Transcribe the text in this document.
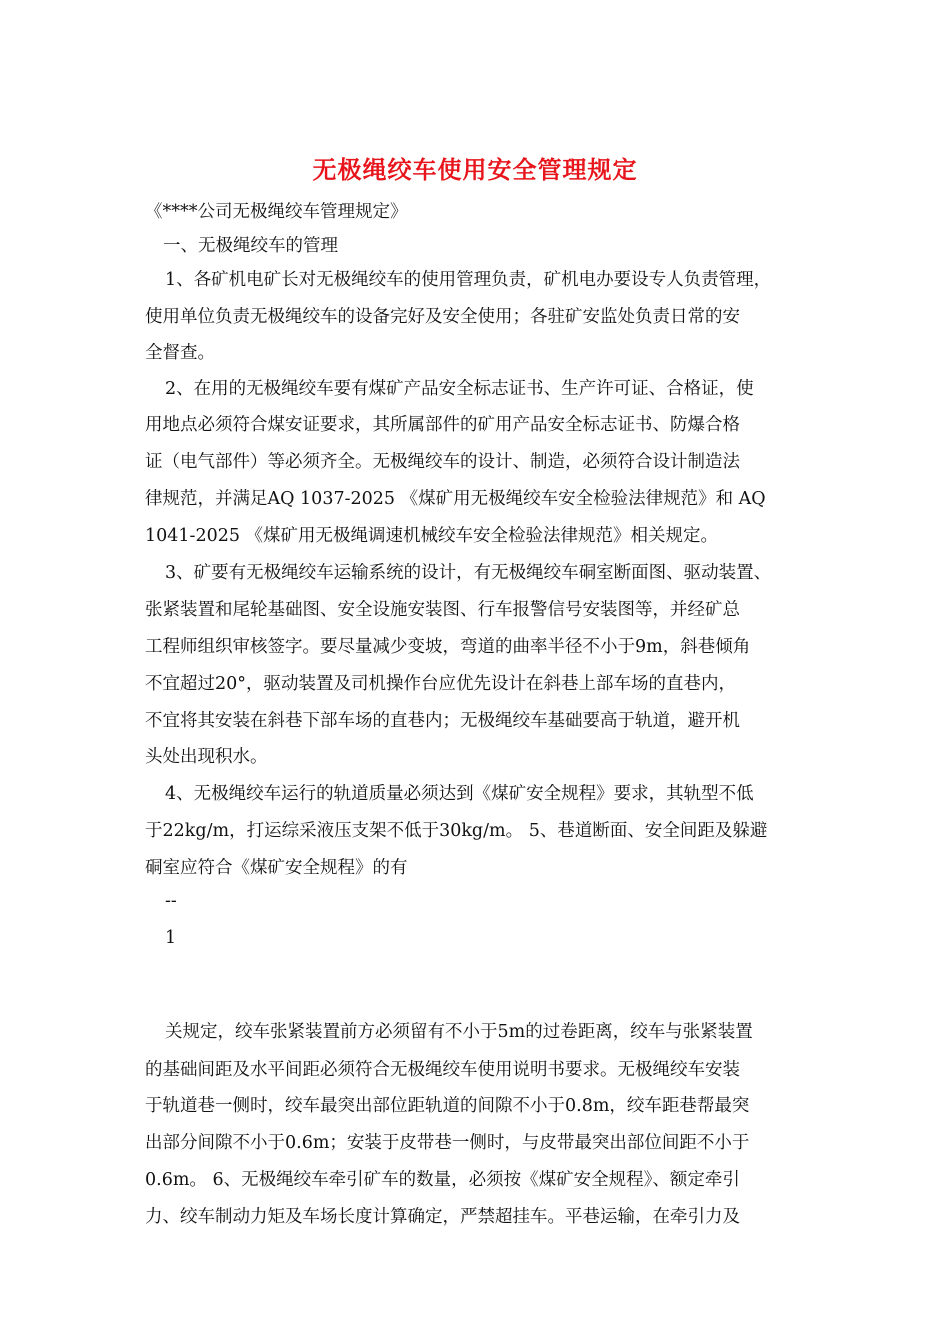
无极绳绞车使用安全管理规定
《****公司无极绳绞车管理规定》
一、无极绳绞车的管理
1、各矿机电矿长对无极绳绞车的使用管理负责，矿机电办要设专人负责管理，
使用单位负责无极绳绞车的设备完好及安全使用；各驻矿安监处负责日常的安
全督查。
2、在用的无极绳绞车要有煤矿产品安全标志证书、生产许可证、合格证，使
用地点必须符合煤安证要求，其所属部件的矿用产品安全标志证书、防爆合格
证（电气部件）等必须齐全。无极绳绞车的设计、制造，必须符合设计制造法
律规范，并满足AQ 1037-2025 《煤矿用无极绳绞车安全检验法律规范》和 AQ
1041-2025 《煤矿用无极绳调速机械绞车安全检验法律规范》相关规定。
3、矿要有无极绳绞车运输系统的设计，有无极绳绞车硐室断面图、驱动装置、
张紧装置和尾轮基础图、安全设施安装图、行车报警信号安装图等，并经矿总
工程师组织审核签字。要尽量减少变坡，弯道的曲率半径不小于9m，斜巷倾角
不宜超过20°，驱动装置及司机操作台应优先设计在斜巷上部车场的直巷内，
不宜将其安装在斜巷下部车场的直巷内；无极绳绞车基础要高于轨道，避开机
头处出现积水。
4、无极绳绞车运行的轨道质量必须达到《煤矿安全规程》要求，其轨型不低
于22kg/m，打运综采液压支架不低于30kg/m。 5、巷道断面、安全间距及躲避
硐室应符合《煤矿安全规程》的有
--
1
关规定，绞车张紧装置前方必须留有不小于5m的过卷距离，绞车与张紧装置
的基础间距及水平间距必须符合无极绳绞车使用说明书要求。无极绳绞车安装
于轨道巷一侧时，绞车最突出部位距轨道的间隙不小于0.8m，绞车距巷帮最突
出部分间隙不小于0.6m；安装于皮带巷一侧时，与皮带最突出部位间距不小于
0.6m。 6、无极绳绞车牵引矿车的数量，必须按《煤矿安全规程》、额定牵引
力、绞车制动力矩及车场长度计算确定，严禁超挂车。平巷运输，在牵引力及
